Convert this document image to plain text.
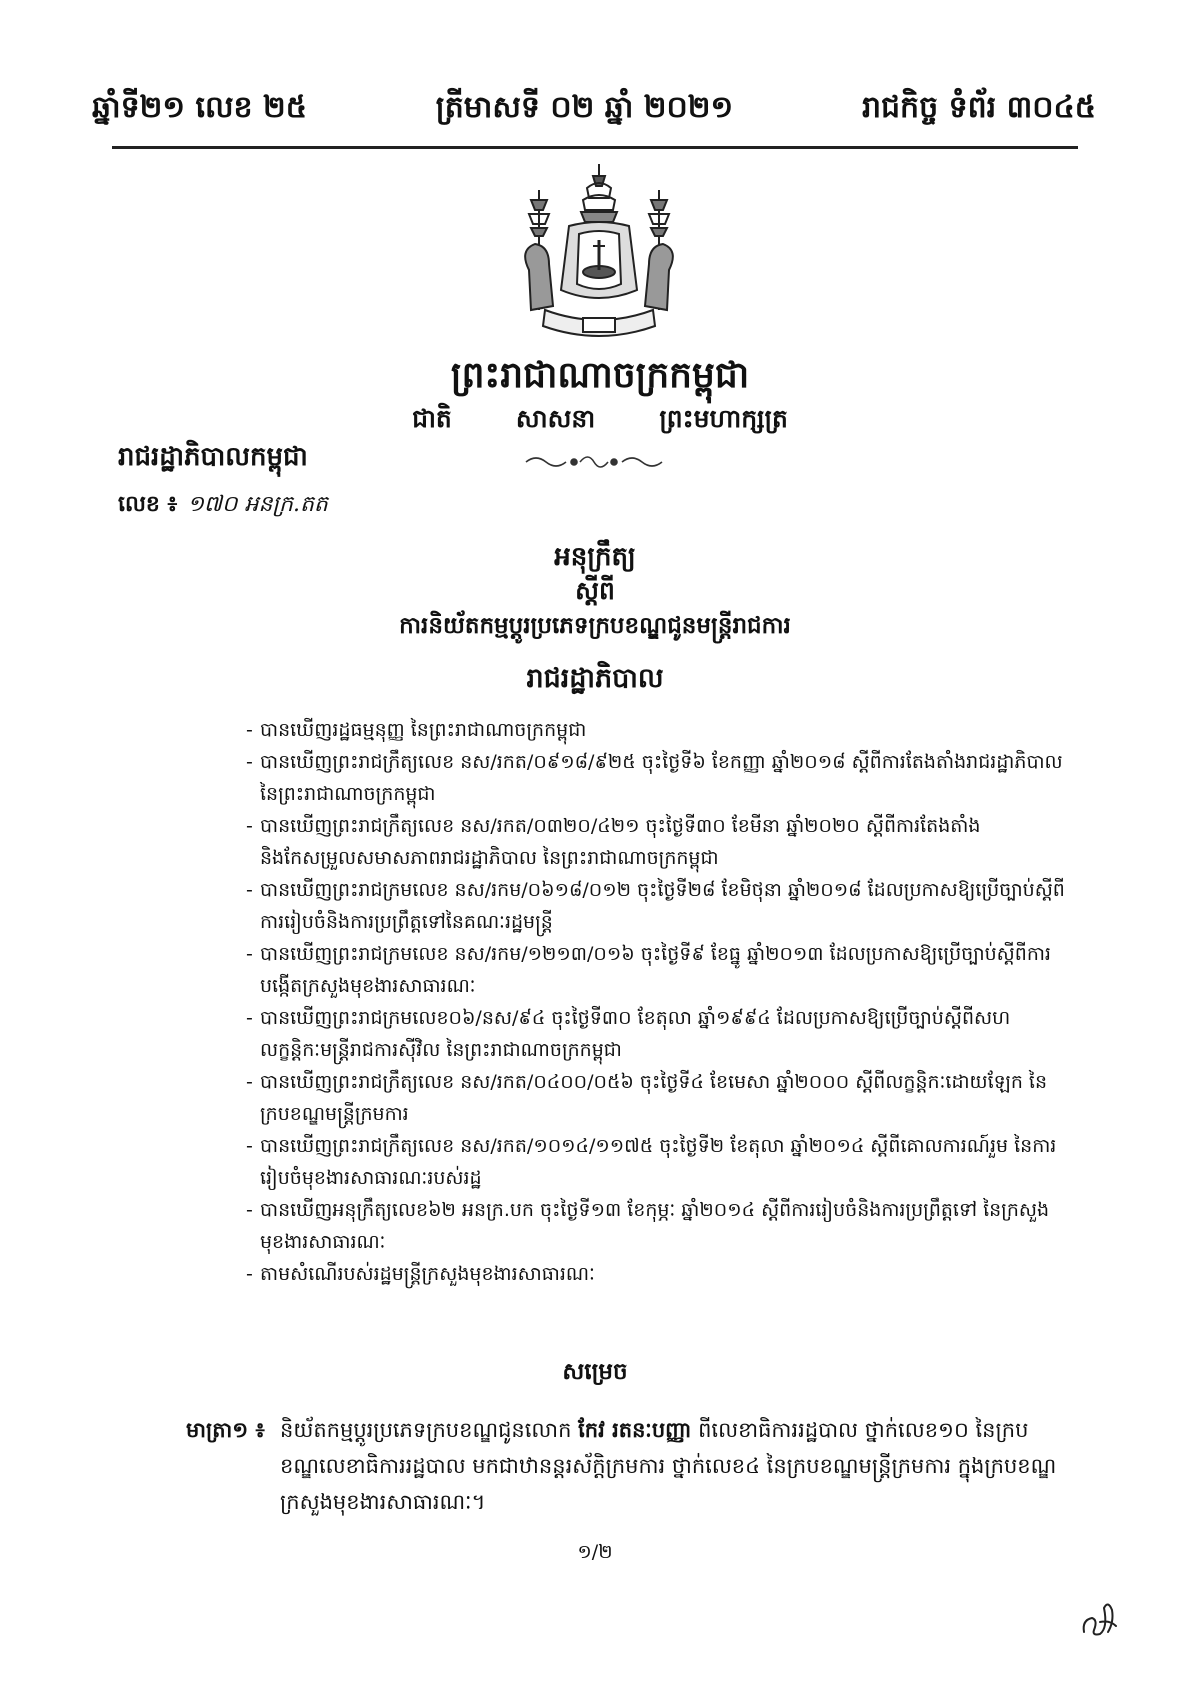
ឆ្នាំទី២១ លេខ ២៥	ត្រីមាសទី ០២ ឆ្នាំ ២០២១	រាជកិច្ច ទំព័រ ៣០៤៥
ព្រះរាជាណាចក្រកម្ពុជា
ជាតិ	សាសនា	ព្រះមហាក្សត្រ
រាជរដ្ឋាភិបាលកម្ពុជា
លេខ ៖ ១៧០ អនក្រ.តត
អនុក្រឹត្យ
ស្តីពី
ការនិយ័តកម្មប្តូរប្រភេទក្របខណ្ឌជូនមន្រ្តីរាជការ
រាជរដ្ឋាភិបាល
- បានឃើញរដ្ឋធម្មនុញ្ញ នៃព្រះរាជាណាចក្រកម្ពុជា
- បានឃើញព្រះរាជក្រឹត្យលេខ នស/រកត/០៩១៨/៩២៥ ចុះថ្ងៃទី៦ ខែកញ្ញា ឆ្នាំ២០១៨ ស្តីពីការតែងតាំងរាជរដ្ឋាភិបាល នៃព្រះរាជាណាចក្រកម្ពុជា
- បានឃើញព្រះរាជក្រឹត្យលេខ នស/រកត/០៣២០/៤២១ ចុះថ្ងៃទី៣០ ខែមីនា ឆ្នាំ២០២០ ស្តីពីការតែងតាំង និងកែសម្រួលសមាសភាពរាជរដ្ឋាភិបាល នៃព្រះរាជាណាចក្រកម្ពុជា
- បានឃើញព្រះរាជក្រមលេខ នស/រកម/០៦១៨/០១២ ចុះថ្ងៃទី២៨ ខែមិថុនា ឆ្នាំ២០១៨ ដែលប្រកាសឱ្យប្រើច្បាប់ស្តីពីការរៀបចំនិងការប្រព្រឹត្តទៅនៃគណៈរដ្ឋមន្ត្រី
- បានឃើញព្រះរាជក្រមលេខ នស/រកម/១២១៣/០១៦ ចុះថ្ងៃទី៩ ខែធ្នូ ឆ្នាំ២០១៣ ដែលប្រកាសឱ្យប្រើច្បាប់ស្តីពីការបង្កើតក្រសួងមុខងារសាធារណៈ
- បានឃើញព្រះរាជក្រមលេខ០៦/នស/៩៤ ចុះថ្ងៃទី៣០ ខែតុលា ឆ្នាំ១៩៩៤ ដែលប្រកាសឱ្យប្រើច្បាប់ស្តីពីសហលក្ខន្តិកៈមន្ត្រីរាជការស៊ីវិល នៃព្រះរាជាណាចក្រកម្ពុជា
- បានឃើញព្រះរាជក្រឹត្យលេខ នស/រកត/០៤០០/០៥៦ ចុះថ្ងៃទី៤ ខែមេសា ឆ្នាំ២០០០ ស្តីពីលក្ខន្តិកៈដោយឡែក នៃក្របខណ្ឌមន្ត្រីក្រមការ
- បានឃើញព្រះរាជក្រឹត្យលេខ នស/រកត/១០១៤/១១៧៥ ចុះថ្ងៃទី២ ខែតុលា ឆ្នាំ២០១៤ ស្តីពីគោលការណ៍រួម នៃការរៀបចំមុខងារសាធារណៈរបស់រដ្ឋ
- បានឃើញអនុក្រឹត្យលេខ៦២ អនក្រ.បក ចុះថ្ងៃទី១៣ ខែកុម្ភៈ ឆ្នាំ២០១៤ ស្តីពីការរៀបចំនិងការប្រព្រឹត្តទៅ នៃក្រសួងមុខងារសាធារណៈ
- តាមសំណើរបស់រដ្ឋមន្ត្រីក្រសួងមុខងារសាធារណៈ
សម្រេច
មាត្រា១ ៖ និយ័តកម្មប្តូរប្រភេទក្របខណ្ឌជូនលោក កែវ រតនៈបញ្ញា ពីលេខាធិការរដ្ឋបាល ថ្នាក់លេខ១០ នៃក្របខណ្ឌលេខាធិការរដ្ឋបាល មកជាឋានន្តរស័ក្តិក្រមការ ថ្នាក់លេខ៤ នៃក្របខណ្ឌមន្ត្រីក្រមការ ក្នុងក្របខណ្ឌក្រសួងមុខងារសាធារណៈ។
១/២
